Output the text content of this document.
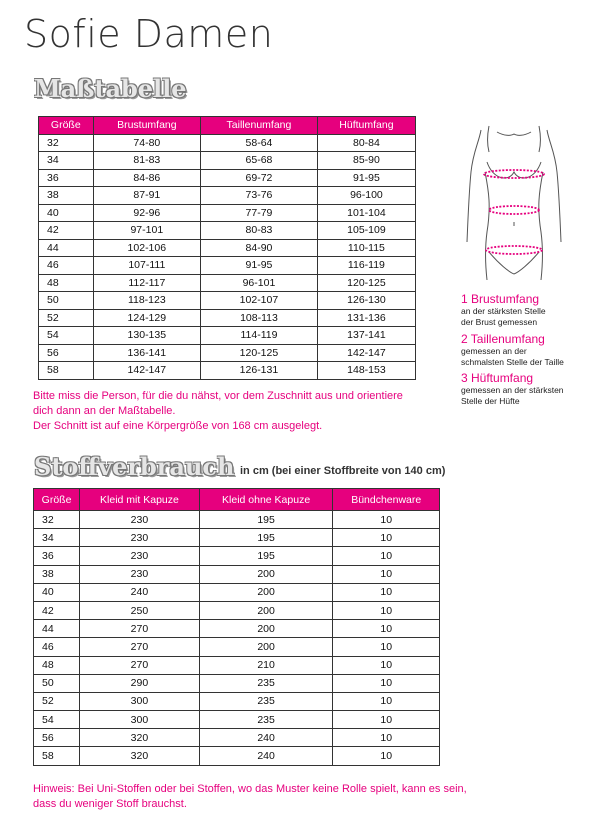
Sofie Damen
Maßtabelle
Größe	Brustumfang	Taillenumfang	Hüftumfang
32	74-80	58-64	80-84
34	81-83	65-68	85-90
36	84-86	69-72	91-95
38	87-91	73-76	96-100
40	92-96	77-79	101-104
42	97-101	80-83	105-109
44	102-106	84-90	110-115
46	107-111	91-95	116-119
48	112-117	96-101	120-125
50	118-123	102-107	126-130
52	124-129	108-113	131-136
54	130-135	114-119	137-141
56	136-141	120-125	142-147
58	142-147	126-131	148-153
1 Brustumfang
an der stärksten Stelle
der Brust gemessen
2 Taillenumfang
gemessen an der
schmalsten Stelle der Taille
3 Hüftumfang
gemessen an der stärksten
Stelle der Hüfte
Bitte miss die Person, für die du nähst, vor dem Zuschnitt aus und orientiere
dich dann an der Maßtabelle.
Der Schnitt ist auf eine Körpergröße von 168 cm ausgelegt.
Stoffverbrauch in cm (bei einer Stoffbreite von 140 cm)
Größe	Kleid mit Kapuze	Kleid ohne Kapuze	Bündchenware
32	230	195	10
34	230	195	10
36	230	195	10
38	230	200	10
40	240	200	10
42	250	200	10
44	270	200	10
46	270	200	10
48	270	210	10
50	290	235	10
52	300	235	10
54	300	235	10
56	320	240	10
58	320	240	10
Hinweis: Bei Uni-Stoffen oder bei Stoffen, wo das Muster keine Rolle spielt, kann es sein,
dass du weniger Stoff brauchst.
